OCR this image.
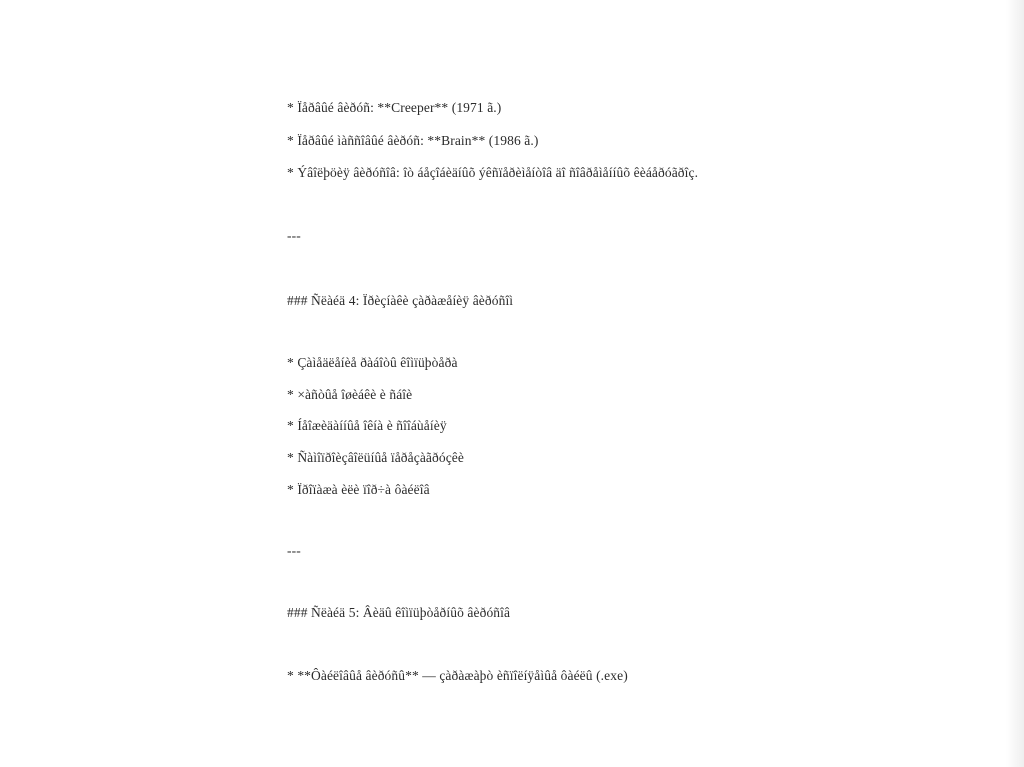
* Ïåðâûé âèðóñ: **Creeper** (1971 ã.)
* Ïåðâûé ìàññîâûé âèðóñ: **Brain** (1986 ã.)
* Ýâîëþöèÿ âèðóñîâ: îò áåçîáèäíûõ ýêñïåðèìåíòîâ äî ñîâðåìåííûõ êèáåðóãðîç.
---
### Ñëàéä 4: Ïðèçíàêè çàðàæåíèÿ âèðóñîì
* Çàìåäëåíèå ðàáîòû êîìïüþòåðà
* ×àñòûå îøèáêè è ñáîè
* Íåîæèäàííûå îêíà è ñîîáùåíèÿ
* Ñàìîïðîèçâîëüíûå ïåðåçàãðóçêè
* Ïðîïàæà èëè ïîð÷à ôàéëîâ
---
### Ñëàéä 5: Âèäû êîìïüþòåðíûõ âèðóñîâ
* **Ôàéëîâûå âèðóñû** — çàðàæàþò èñïîëíÿåìûå ôàéëû (.exe)
